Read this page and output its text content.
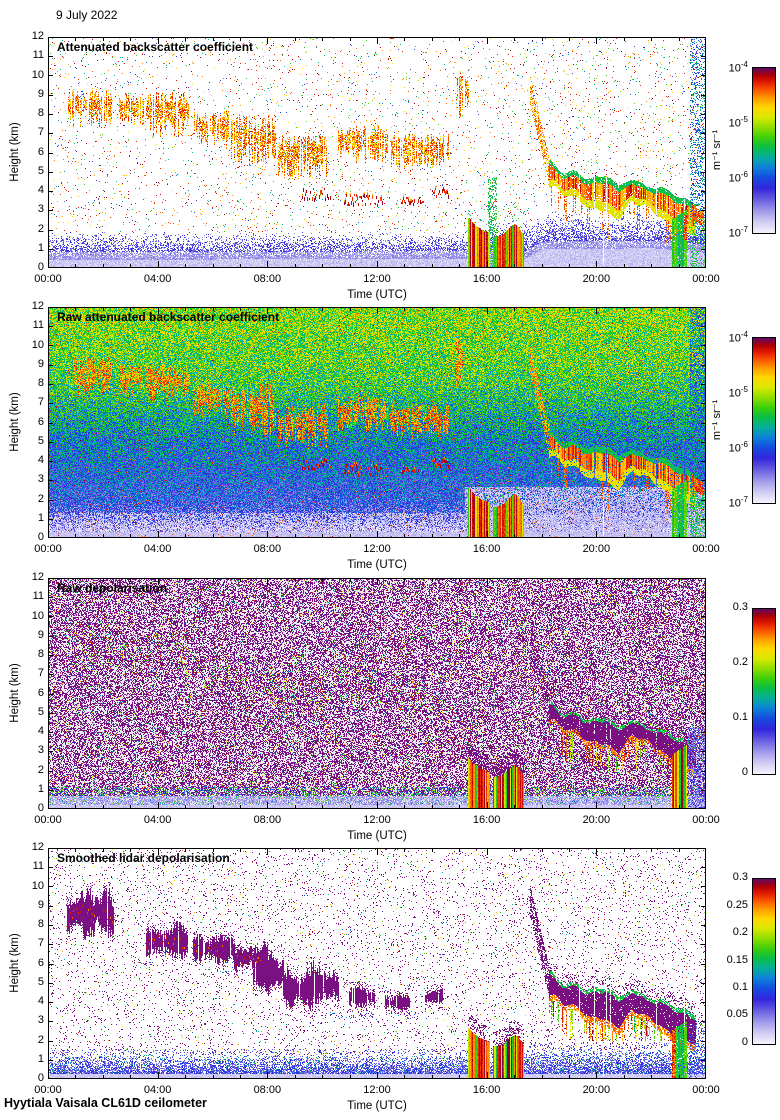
9 July 2022
Hyytiala Vaisala CL61D ceilometer
Attenuated backscatter coefficient
Height (km)
0
1
2
3
4
5
6
7
8
9
10
11
12
00:00	04:00	08:00	12:00	16:00	20:00	00:00
Time (UTC)
$10^{-4}$
$10^{-5}$
$10^{-6}$
$10^{-7}$
m⁻¹ sr⁻¹
Raw attenuated backscatter coefficient
Height (km)
0
1
2
3
4
5
6
7
8
9
10
11
12
00:00	04:00	08:00	12:00	16:00	20:00	00:00
Time (UTC)
$10^{-4}$
$10^{-5}$
$10^{-6}$
$10^{-7}$
m⁻¹ sr⁻¹
Raw depolarisation
Height (km)
0
1
2
3
4
5
6
7
8
9
10
11
12
00:00	04:00	08:00	12:00	16:00	20:00	00:00
Time (UTC)
0.3
0.2
0.1
0
Smoothed lidar depolarisation
Height (km)
0
1
2
3
4
5
6
7
8
9
10
11
12
00:00	04:00	08:00	12:00	16:00	20:00	00:00
Time (UTC)
0.3
0.25
0.2
0.15
0.1
0.05
0
